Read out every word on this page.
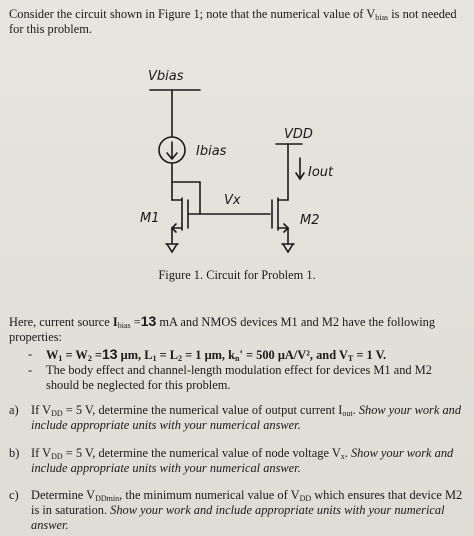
Consider the circuit shown in Figure 1; note that the numerical value of $V_{bias}$ is not needed for this problem.
Vbias
Ibias
VDD
Iout
Vx
M1	M2
Figure 1. Circuit for Problem 1.
Here, current source $I_{bias} =13$ mA and NMOS devices M1 and M2 have the following properties:
- $W_1 = W_2 =13$ μm, $L_1 = L_2 = 1$ μm, $k_n' = 500$ μA/V², and $V_T = 1$ V.
- The body effect and channel-length modulation effect for devices M1 and M2 should be neglected for this problem.
a) If $V_{DD} = 5$ V, determine the numerical value of output current $I_{out}$. Show your work and include appropriate units with your numerical answer.
b) If $V_{DD} = 5$ V, determine the numerical value of node voltage $V_x$. Show your work and include appropriate units with your numerical answer.
c) Determine $V_{DDmin}$, the minimum numerical value of $V_{DD}$ which ensures that device M2 is in saturation. Show your work and include appropriate units with your numerical answer.
